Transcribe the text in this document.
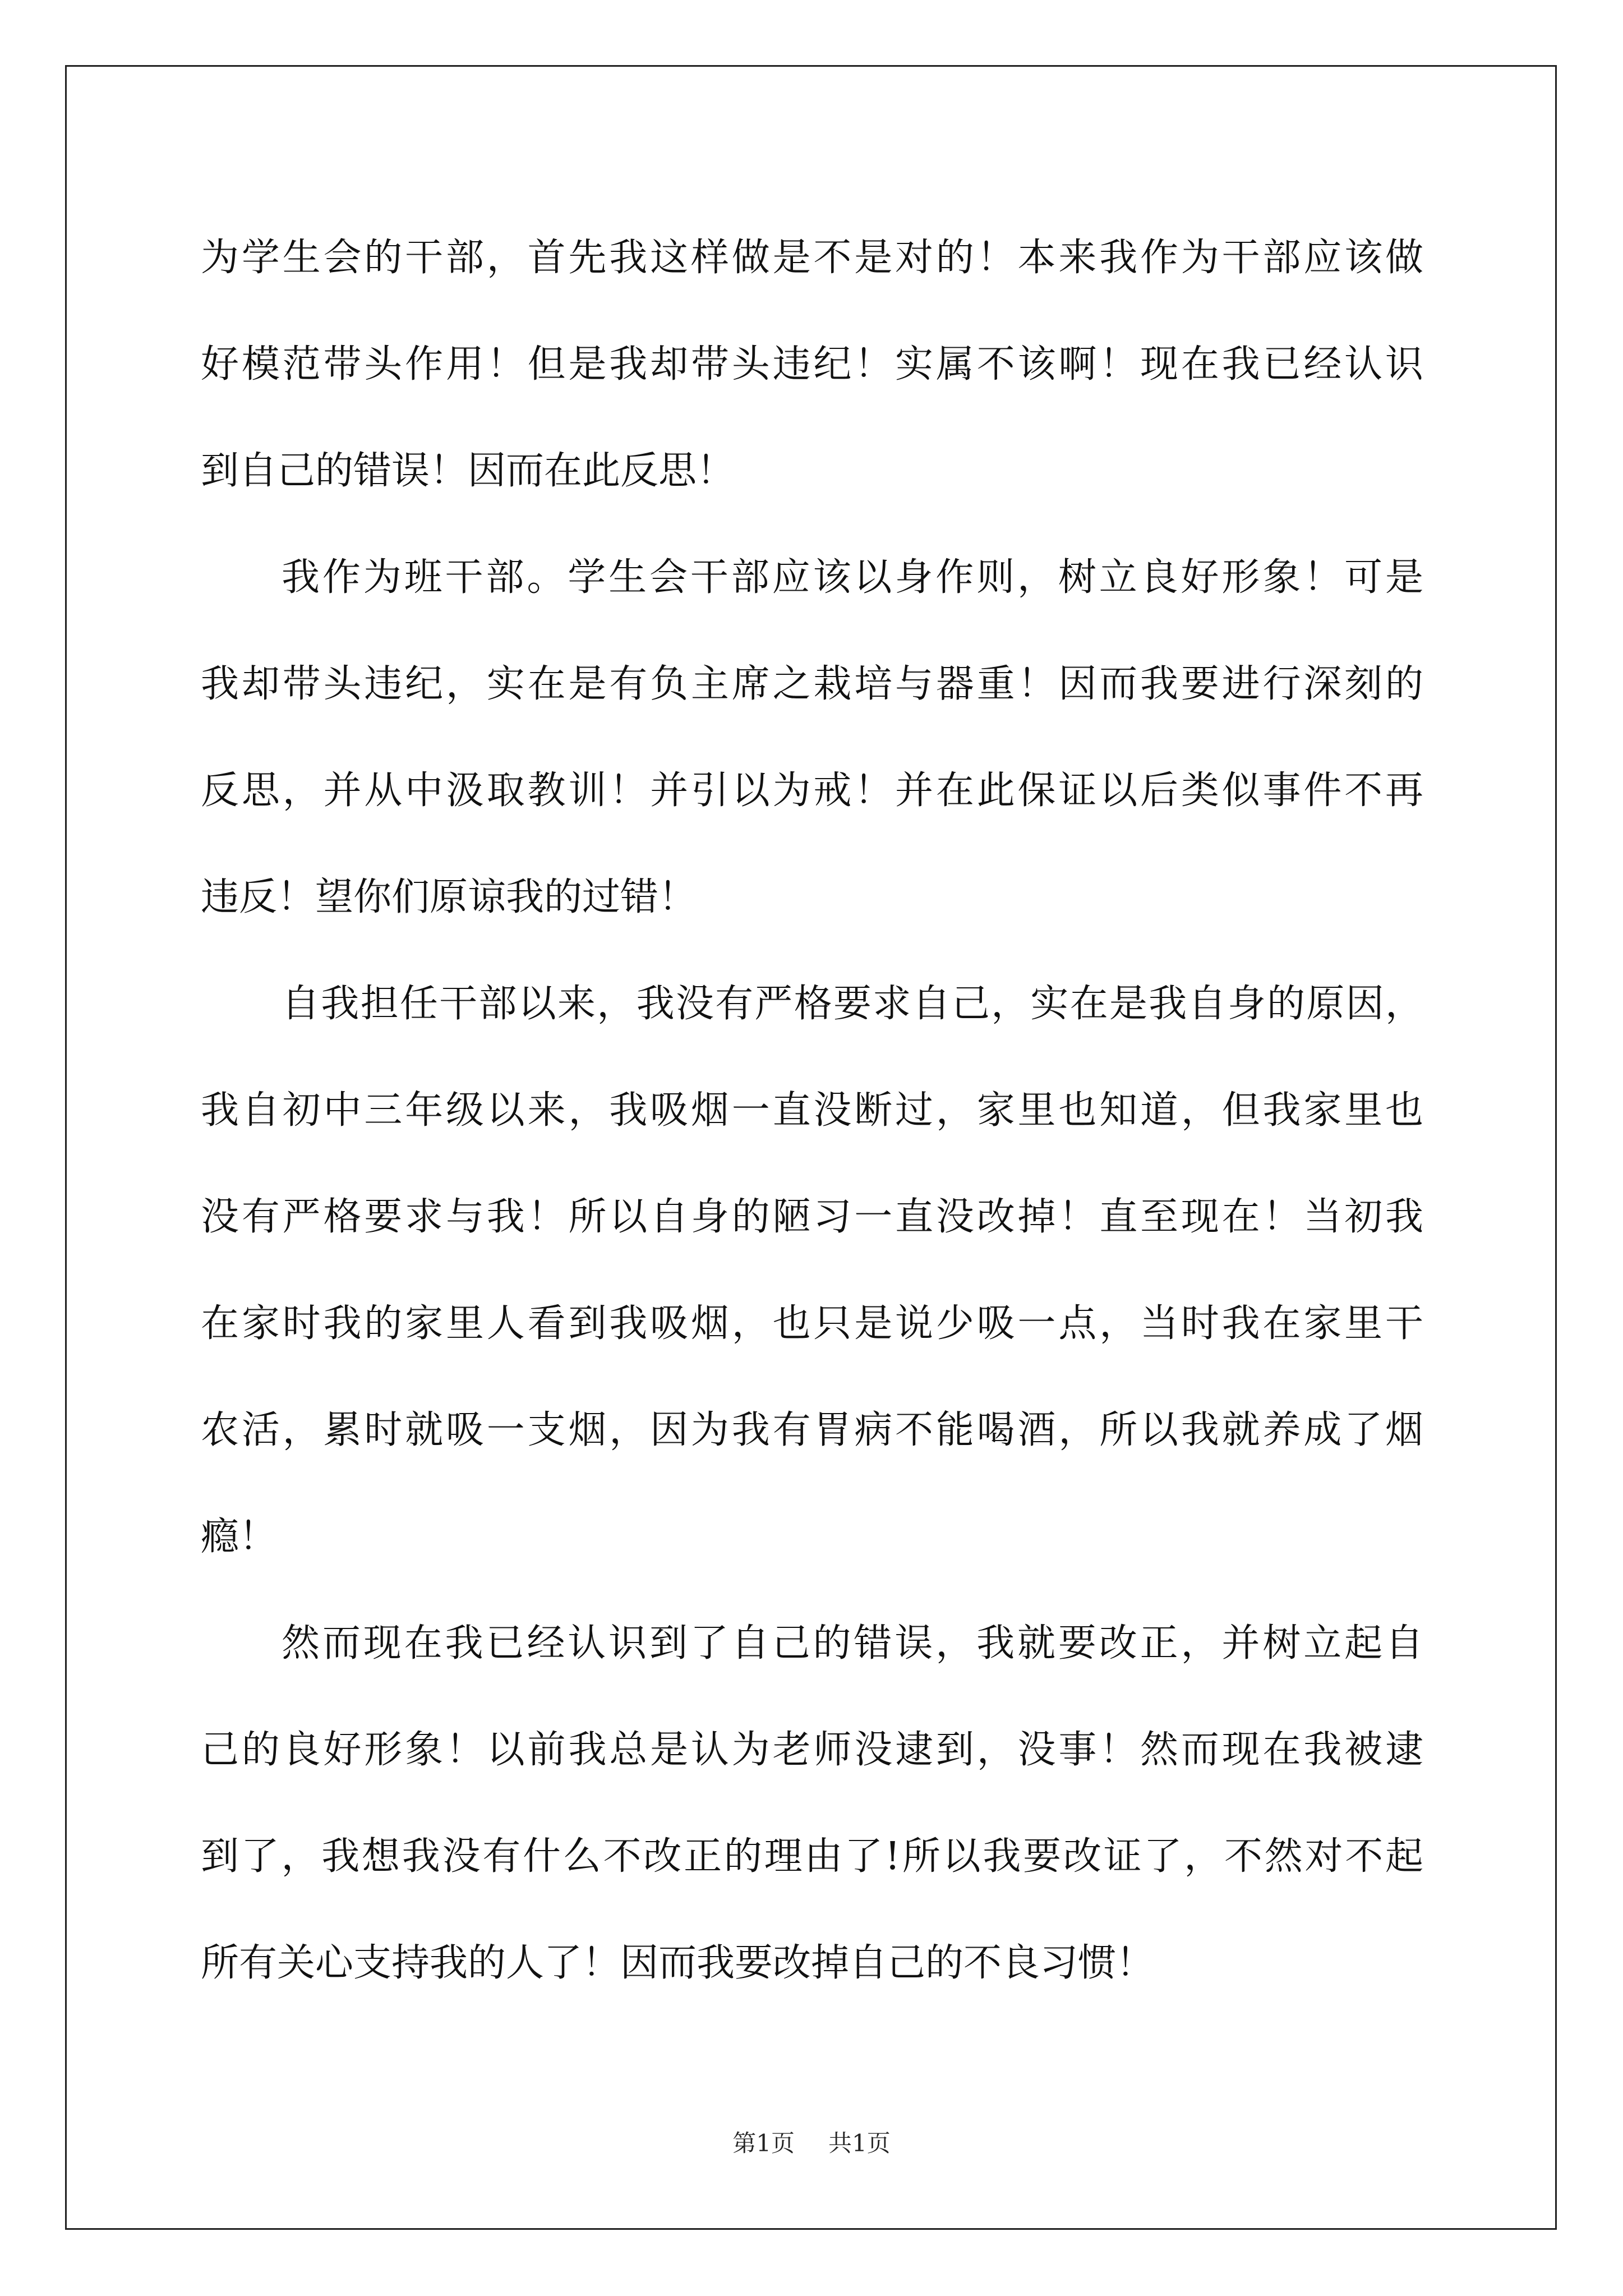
为学生会的干部，首先我这样做是不是对的！本来我作为干部应该做
好模范带头作用！但是我却带头违纪！实属不该啊！现在我已经认识
到自己的错误！因而在此反思！
我作为班干部。学生会干部应该以身作则，树立良好形象！可是
我却带头违纪，实在是有负主席之栽培与器重！因而我要进行深刻的
反思，并从中汲取教训！并引以为戒！并在此保证以后类似事件不再
违反！望你们原谅我的过错！
自我担任干部以来，我没有严格要求自己，实在是我自身的原因，
我自初中三年级以来，我吸烟一直没断过，家里也知道，但我家里也
没有严格要求与我！所以自身的陋习一直没改掉！直至现在！当初我
在家时我的家里人看到我吸烟，也只是说少吸一点，当时我在家里干
农活，累时就吸一支烟，因为我有胃病不能喝酒，所以我就养成了烟
瘾！
然而现在我已经认识到了自己的错误，我就要改正，并树立起自
己的良好形象！以前我总是认为老师没逮到，没事！然而现在我被逮
到了，我想我没有什么不改正的理由了!所以我要改证了，不然对不起
所有关心支持我的人了！因而我要改掉自己的不良习惯！
第1页 共1页
